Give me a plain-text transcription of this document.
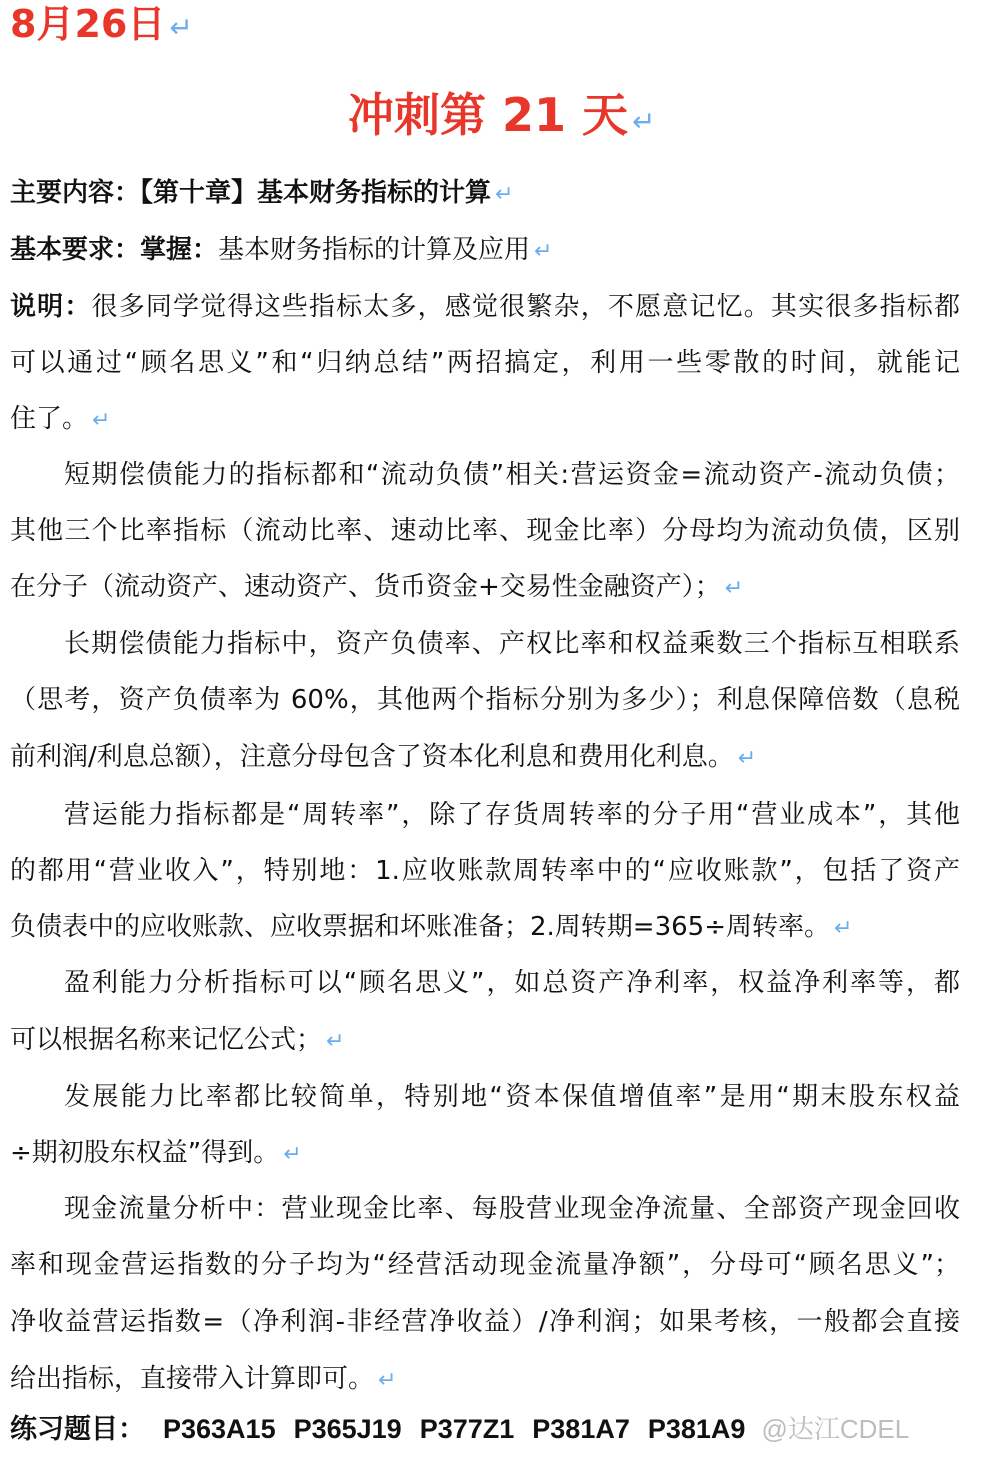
8月26日 ↵
冲刺第 21 天 ↵
主要内容：【第十章】基本财务指标的计算 ↵
基本要求：掌握：基本财务指标的计算及应用 ↵
说明：很多同学觉得这些指标太多，感觉很繁杂，不愿意记忆。其实很多指标都
可以通过“顾名思义”和“归纳总结”两招搞定，利用一些零散的时间，就能记
住了。 ↵
短期偿债能力的指标都和“流动负债”相关:营运资金=流动资产-流动负债；
其他三个比率指标（流动比率、速动比率、现金比率）分母均为流动负债，区别
在分子（流动资产、速动资产、货币资金+交易性金融资产）； ↵
长期偿债能力指标中，资产负债率、产权比率和权益乘数三个指标互相联系
（思考，资产负债率为 60%，其他两个指标分别为多少）；利息保障倍数（息税
前利润/利息总额），注意分母包含了资本化利息和费用化利息。 ↵
营运能力指标都是“周转率”，除了存货周转率的分子用“营业成本”，其他
的都用“营业收入”，特别地：1.应收账款周转率中的“应收账款”，包括了资产
负债表中的应收账款、应收票据和坏账准备；2.周转期=365÷周转率。 ↵
盈利能力分析指标可以“顾名思义”，如总资产净利率，权益净利率等，都
可以根据名称来记忆公式； ↵
发展能力比率都比较简单，特别地“资本保值增值率”是用“期末股东权益
÷期初股东权益”得到。 ↵
现金流量分析中：营业现金比率、每股营业现金净流量、全部资产现金回收
率和现金营运指数的分子均为“经营活动现金流量净额”，分母可“顾名思义”；
净收益营运指数=（净利润-非经营净收益）/净利润；如果考核，一般都会直接
给出指标，直接带入计算即可。 ↵
练习题目： P363A15 P365J19 P377Z1 P381A7 P381A9 @达江CDEL
